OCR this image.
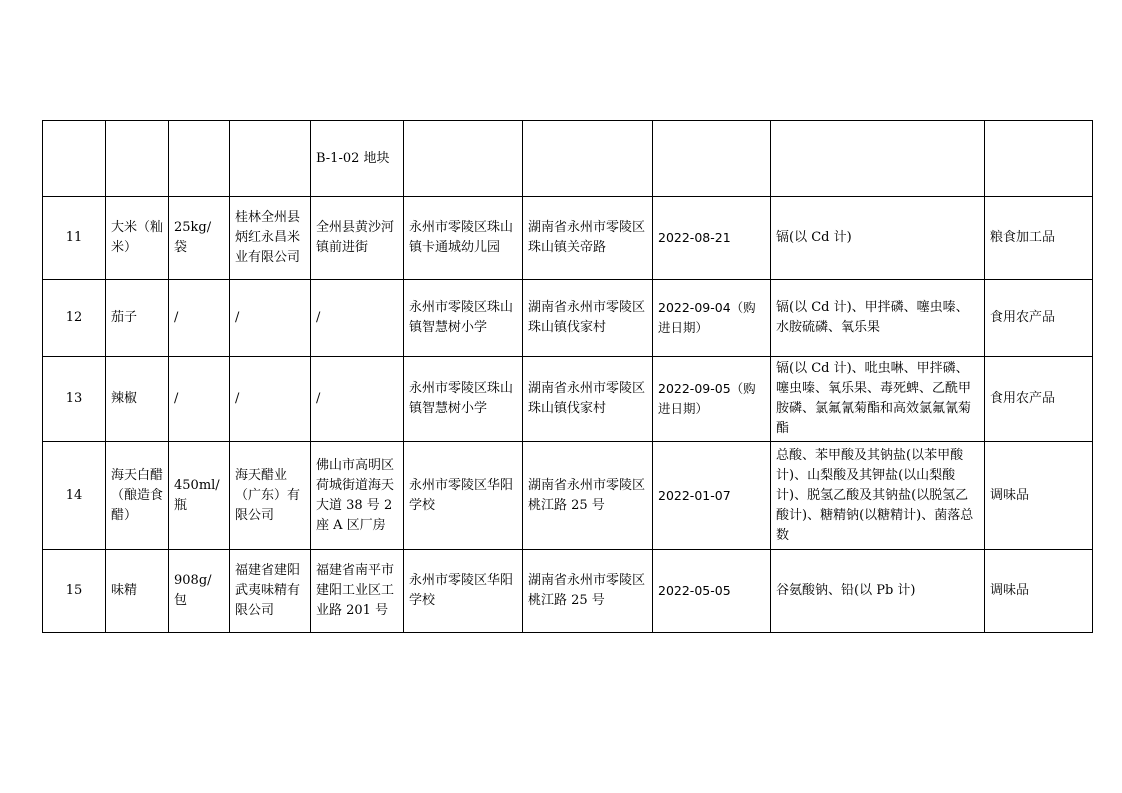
				B-1-02 地块					
11	大米（籼米）	25kg/袋	桂林全州县炳红永昌米业有限公司	全州县黄沙河镇前进街	永州市零陵区珠山镇卡通城幼儿园	湖南省永州市零陵区珠山镇关帝路	2022-08-21	镉(以 Cd 计)	粮食加工品
12	茄子	/	/	/	永州市零陵区珠山镇智慧树小学	湖南省永州市零陵区珠山镇伐家村	2022-09-04（购进日期）	镉(以 Cd 计)、甲拌磷、噻虫嗪、水胺硫磷、氧乐果	食用农产品
13	辣椒	/	/	/	永州市零陵区珠山镇智慧树小学	湖南省永州市零陵区珠山镇伐家村	2022-09-05（购进日期）	镉(以 Cd 计)、吡虫啉、甲拌磷、噻虫嗪、氧乐果、毒死蜱、乙酰甲胺磷、氯氟氰菊酯和高效氯氟氰菊酯	食用农产品
14	海天白醋（酿造食醋）	450ml/瓶	海天醋业（广东）有限公司	佛山市高明区荷城街道海天大道 38 号 2 座 A 区厂房	永州市零陵区华阳学校	湖南省永州市零陵区桃江路 25 号	2022-01-07	总酸、苯甲酸及其钠盐(以苯甲酸计)、山梨酸及其钾盐(以山梨酸计)、脱氢乙酸及其钠盐(以脱氢乙酸计)、糖精钠(以糖精计)、菌落总数	调味品
15	味精	908g/包	福建省建阳武夷味精有限公司	福建省南平市建阳工业区工业路 201 号	永州市零陵区华阳学校	湖南省永州市零陵区桃江路 25 号	2022-05-05	谷氨酸钠、铅(以 Pb 计)	调味品
